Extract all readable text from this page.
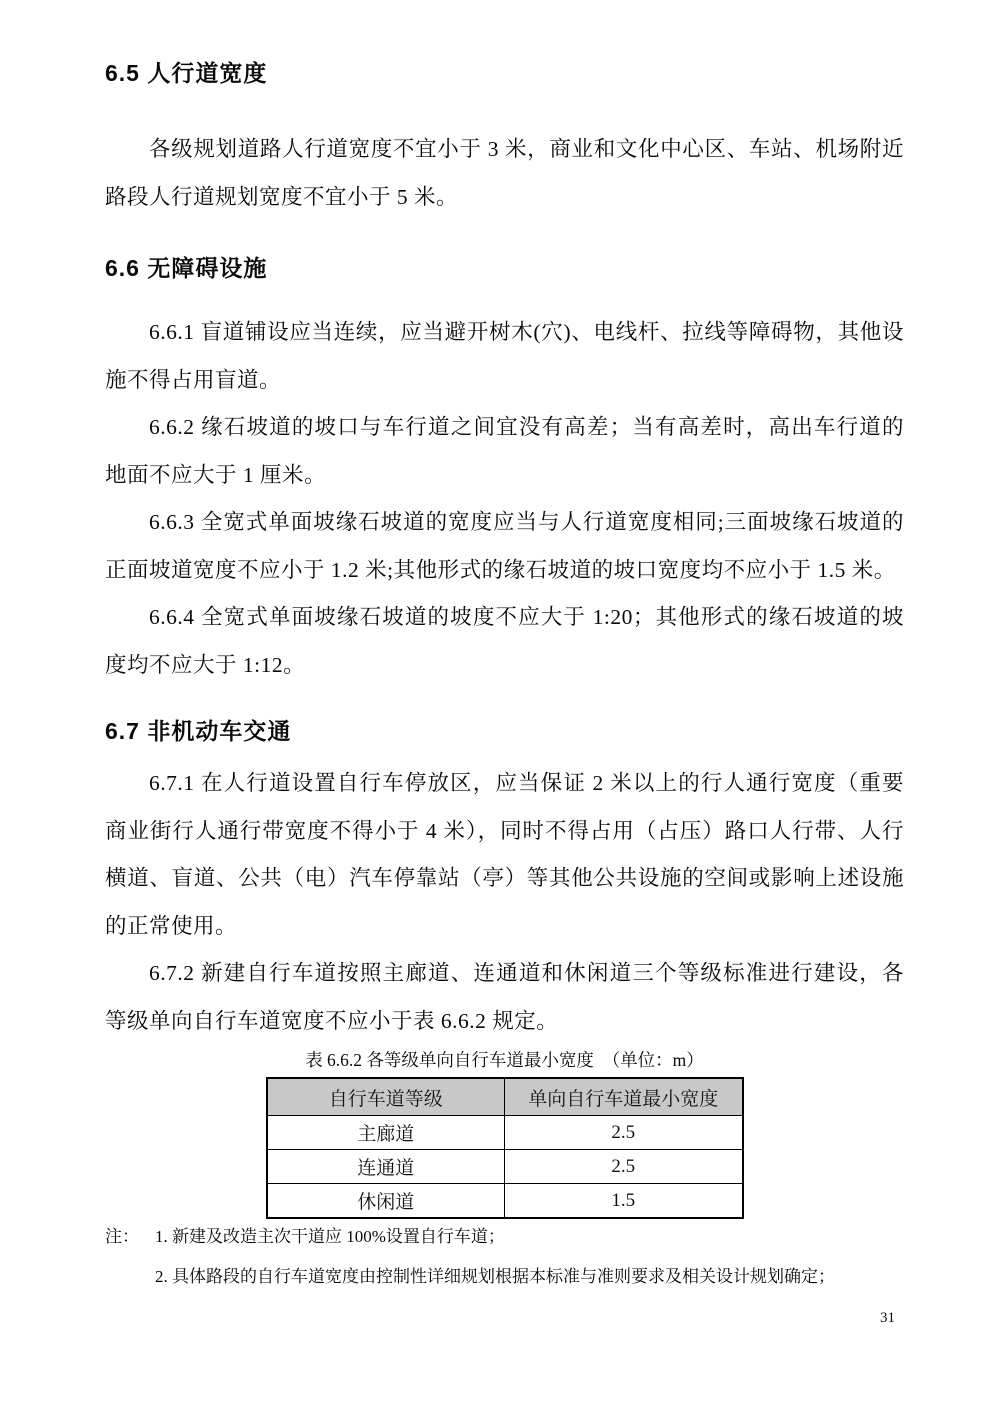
6.5 人行道宽度

各级规划道路人行道宽度不宜小于 3 米，商业和文化中心区、车站、机场附近路段人行道规划宽度不宜小于 5 米。

6.6 无障碍设施

6.6.1 盲道铺设应当连续，应当避开树木(穴)、电线杆、拉线等障碍物，其他设施不得占用盲道。

6.6.2 缘石坡道的坡口与车行道之间宜没有高差；当有高差时，高出车行道的地面不应大于 1 厘米。

6.6.3 全宽式单面坡缘石坡道的宽度应当与人行道宽度相同;三面坡缘石坡道的正面坡道宽度不应小于 1.2 米;其他形式的缘石坡道的坡口宽度均不应小于 1.5 米。

6.6.4 全宽式单面坡缘石坡道的坡度不应大于 1:20；其他形式的缘石坡道的坡度均不应大于 1:12。

6.7 非机动车交通

6.7.1 在人行道设置自行车停放区，应当保证 2 米以上的行人通行宽度（重要商业街行人通行带宽度不得小于 4 米），同时不得占用（占压）路口人行带、人行横道、盲道、公共（电）汽车停靠站（亭）等其他公共设施的空间或影响上述设施的正常使用。

6.7.2 新建自行车道按照主廊道、连通道和休闲道三个等级标准进行建设，各等级单向自行车道宽度不应小于表 6.6.2 规定。

表 6.6.2 各等级单向自行车道最小宽度　（单位：m）

自行车道等级	单向自行车道最小宽度
主廊道	2.5
连通道	2.5
休闲道	1.5
注： 1. 新建及改造主次干道应 100%设置自行车道；

2. 具体路段的自行车道宽度由控制性详细规划根据本标准与准则要求及相关设计规划确定；

31
